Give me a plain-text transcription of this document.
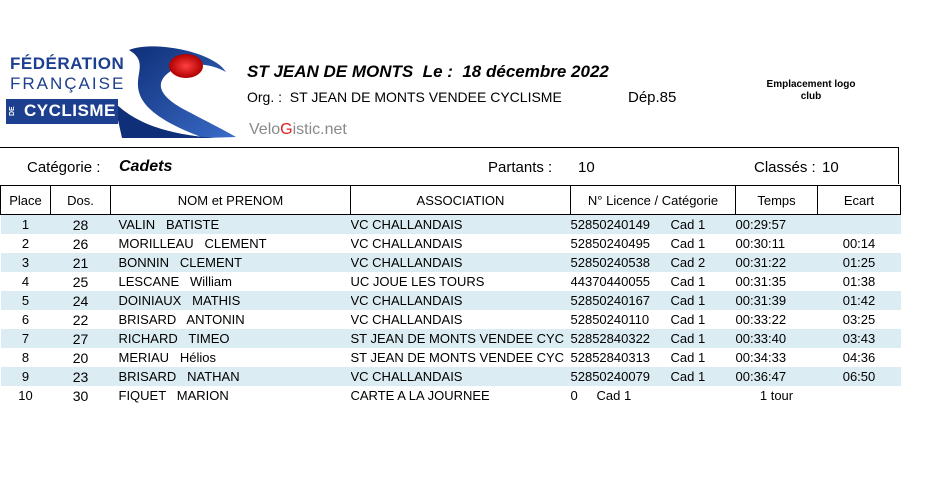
FÉDÉRATION
FRANÇAISE
DE CYCLISME
ST JEAN DE MONTS  Le :  18 décembre 2022
Org. :  ST JEAN DE MONTS VENDEE CYCLISME	Dép.85
VeloGistic.net
Emplacement logo club
Catégorie : Cadets	Partants : 10	Classés : 10
Place	Dos.	NOM et PRENOM	ASSOCIATION	N° Licence / Catégorie	Temps	Ecart
1	28	VALIN   BATISTE	VC CHALLANDAIS	52850240149 Cad 1	00:29:57	
2	26	MORILLEAU   CLEMENT	VC CHALLANDAIS	52850240495 Cad 1	00:30:11	00:14
3	21	BONNIN   CLEMENT	VC CHALLANDAIS	52850240538 Cad 2	00:31:22	01:25
4	25	LESCANE   William	UC JOUE LES TOURS	44370440055 Cad 1	00:31:35	01:38
5	24	DOINIAUX   MATHIS	VC CHALLANDAIS	52850240167 Cad 1	00:31:39	01:42
6	22	BRISARD   ANTONIN	VC CHALLANDAIS	52850240110 Cad 1	00:33:22	03:25
7	27	RICHARD   TIMEO	ST JEAN DE MONTS VENDEE CYC	52852840322 Cad 1	00:33:40	03:43
8	20	MERIAU   Hélios	ST JEAN DE MONTS VENDEE CYC	52852840313 Cad 1	00:34:33	04:36
9	23	BRISARD   NATHAN	VC CHALLANDAIS	52850240079 Cad 1	00:36:47	06:50
10	30	FIQUET   MARION	CARTE A LA JOURNEE	0 Cad 1	1 tour	
